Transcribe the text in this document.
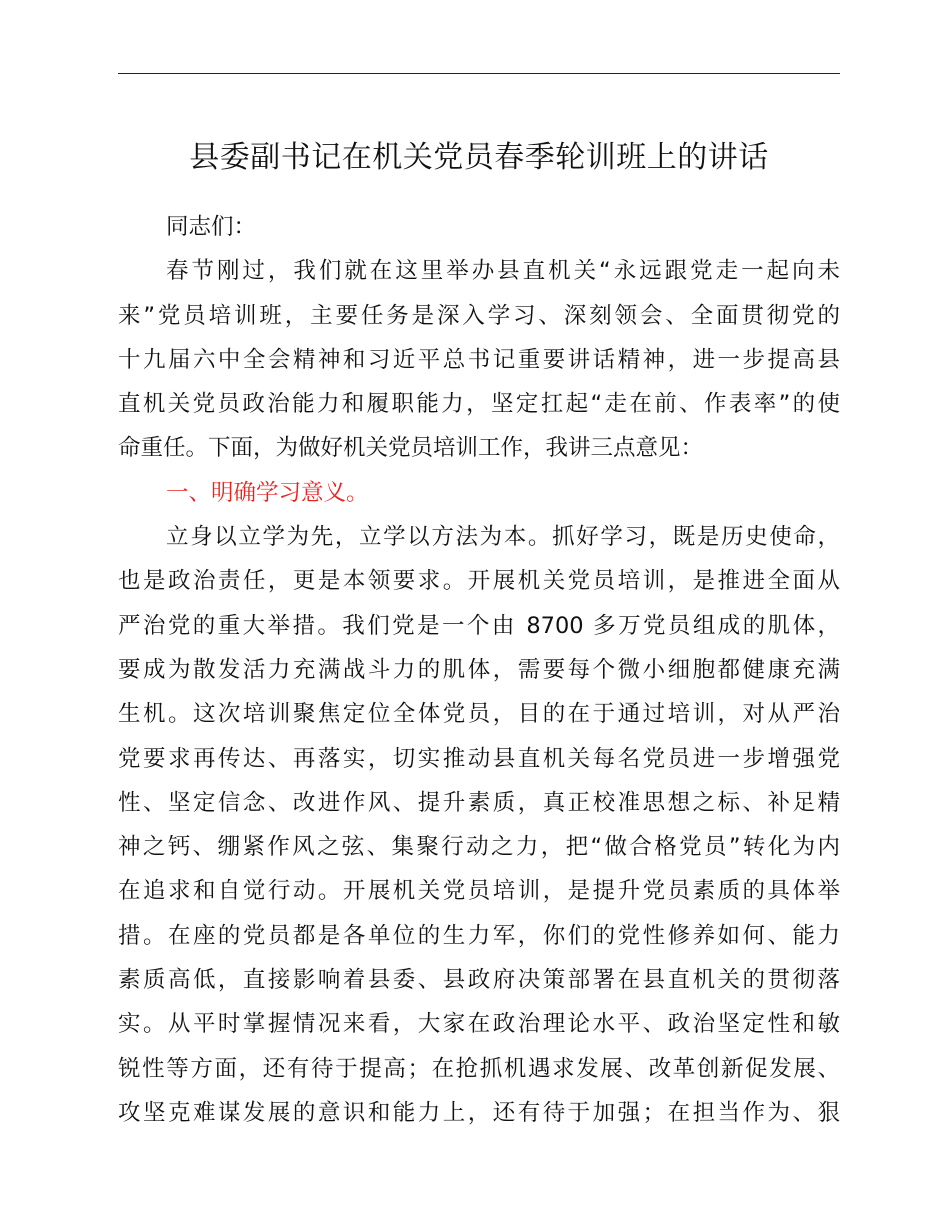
县委副书记在机关党员春季轮训班上的讲话
同志们：
春节刚过，我们就在这里举办县直机关“永远跟党走一起向未
来”党员培训班，主要任务是深入学习、深刻领会、全面贯彻党的
十九届六中全会精神和习近平总书记重要讲话精神，进一步提高县
直机关党员政治能力和履职能力，坚定扛起“走在前、作表率”的使
命重任。下面，为做好机关党员培训工作，我讲三点意见：
一、明确学习意义。
立身以立学为先，立学以方法为本。抓好学习，既是历史使命，
也是政治责任，更是本领要求。开展机关党员培训，是推进全面从
严治党的重大举措。我们党是一个由 8700 多万党员组成的肌体，
要成为散发活力充满战斗力的肌体，需要每个微小细胞都健康充满
生机。这次培训聚焦定位全体党员，目的在于通过培训，对从严治
党要求再传达、再落实，切实推动县直机关每名党员进一步增强党
性、坚定信念、改进作风、提升素质，真正校准思想之标、补足精
神之钙、绷紧作风之弦、集聚行动之力，把“做合格党员”转化为内
在追求和自觉行动。开展机关党员培训，是提升党员素质的具体举
措。在座的党员都是各单位的生力军，你们的党性修养如何、能力
素质高低，直接影响着县委、县政府决策部署在县直机关的贯彻落
实。从平时掌握情况来看，大家在政治理论水平、政治坚定性和敏
锐性等方面，还有待于提高；在抢抓机遇求发展、改革创新促发展、
攻坚克难谋发展的意识和能力上，还有待于加强；在担当作为、狠
